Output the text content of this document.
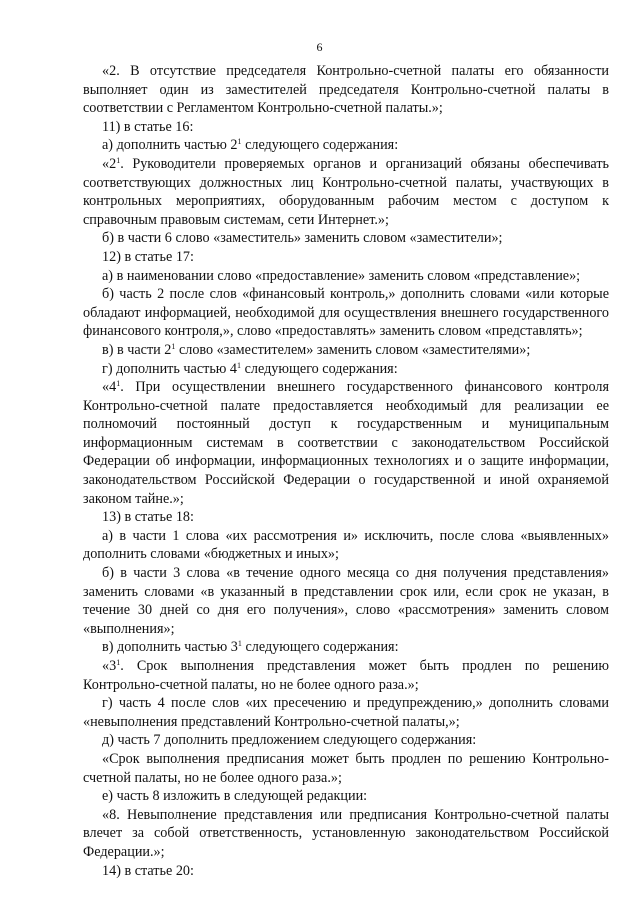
6

«2. В отсутствие председателя Контрольно-счетной палаты его обязанности выполняет один из заместителей председателя Контрольно-счетной палаты в соответствии с Регламентом Контрольно-счетной палаты.»;

11) в статье 16:

а) дополнить частью $2^1$ следующего содержания:

«$2^1$. Руководители проверяемых органов и организаций обязаны обеспечивать соответствующих должностных лиц Контрольно-счетной палаты, участвующих в контрольных мероприятиях, оборудованным рабочим местом с доступом к справочным правовым системам, сети Интернет.»;

б) в части 6 слово «заместитель» заменить словом «заместители»;

12) в статье 17:

а) в наименовании слово «предоставление» заменить словом «представление»;

б) часть 2 после слов «финансовый контроль,» дополнить словами «или которые обладают информацией, необходимой для осуществления внешнего государственного финансового контроля,», слово «предоставлять» заменить словом «представлять»;

в) в части $2^1$ слово «заместителем» заменить словом «заместителями»;

г) дополнить частью $4^1$ следующего содержания:

«$4^1$. При осуществлении внешнего государственного финансового контроля Контрольно-счетной палате предоставляется необходимый для реализации ее полномочий постоянный доступ к государственным и муниципальным информационным системам в соответствии с законодательством Российской Федерации об информации, информационных технологиях и о защите информации, законодательством Российской Федерации о государственной и иной охраняемой законом тайне.»;

13) в статье 18:

а) в части 1 слова «их рассмотрения и» исключить, после слова «выявленных» дополнить словами «бюджетных и иных»;

б) в части 3 слова «в течение одного месяца со дня получения представления» заменить словами «в указанный в представлении срок или, если срок не указан, в течение 30 дней со дня его получения», слово «рассмотрения» заменить словом «выполнения»;

в) дополнить частью $3^1$ следующего содержания:

«$3^1$. Срок выполнения представления может быть продлен по решению Контрольно-счетной палаты, но не более одного раза.»;

г) часть 4 после слов «их пресечению и предупреждению,» дополнить словами «невыполнения представлений Контрольно-счетной палаты,»;

д) часть 7 дополнить предложением следующего содержания:

«Срок выполнения предписания может быть продлен по решению Контрольно-счетной палаты, но не более одного раза.»;

е) часть 8 изложить в следующей редакции:

«8. Невыполнение представления или предписания Контрольно-счетной палаты влечет за собой ответственность, установленную законодательством Российской Федерации.»;

14) в статье 20:
